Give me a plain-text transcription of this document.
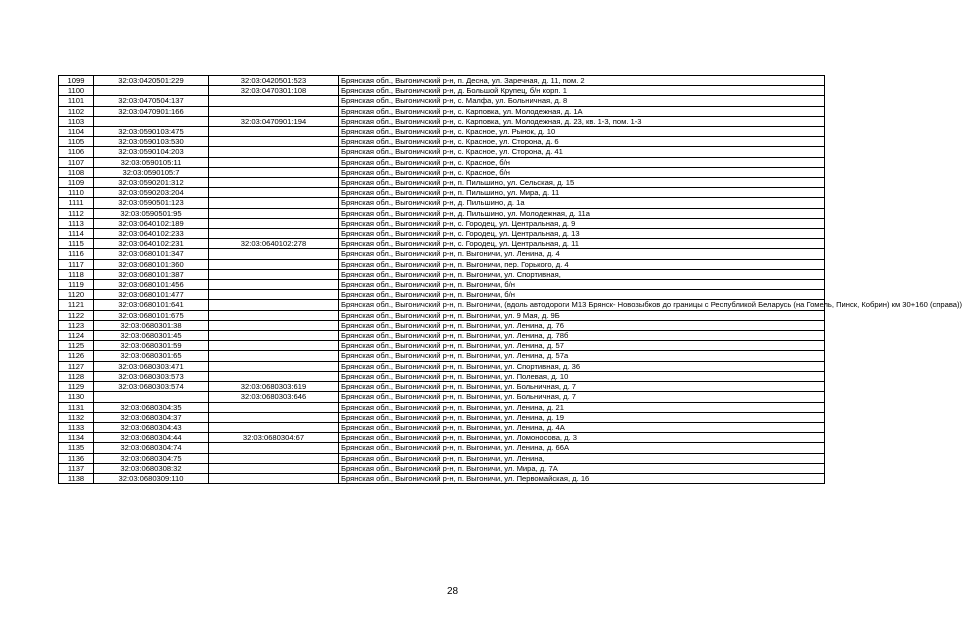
1099	32:03:0420501:229	32:03:0420501:523	Брянская обл., Выгоничский р-н, п. Десна, ул. Заречная, д. 11, пом. 2
1100		32:03:0470301:108	Брянская обл., Выгоничский р-н, д. Большой Крупец, б/н корп. 1
1101	32:03:0470504:137		Брянская обл., Выгоничский р-н, с. Малфа, ул. Больничная, д. 8
1102	32:03:0470901:166		Брянская обл., Выгоничский р-н, с. Карповка, ул. Молодежная, д. 1А
1103		32:03:0470901:194	Брянская обл., Выгоничский р-н, с. Карповка, ул. Молодежная, д. 23, кв. 1-3, пом. 1-3
1104	32:03:0590103:475		Брянская обл., Выгоничский р-н, с. Красное, ул. Рынок, д. 10
1105	32:03:0590103:530		Брянская обл., Выгоничский р-н, с. Красное, ул. Сторона, д. 6
1106	32:03:0590104:203		Брянская обл., Выгоничский р-н, с. Красное, ул. Сторона, д. 41
1107	32:03:0590105:11		Брянская обл., Выгоничский р-н, с. Красное, б/н
1108	32:03:0590105:7		Брянская обл., Выгоничский р-н, с. Красное, б/н
1109	32:03:0590201:312		Брянская обл., Выгоничский р-н, п. Пильшино, ул. Сельская, д. 15
1110	32:03:0590203:204		Брянская обл., Выгоничский р-н, п. Пильшино, ул. Мира, д. 11
1111	32:03:0590501:123		Брянская обл., Выгоничский р-н, д. Пильшино, д. 1а
1112	32:03:0590501:95		Брянская обл., Выгоничский р-н, д. Пильшино, ул. Молодежная, д. 11а
1113	32:03:0640102:189		Брянская обл., Выгоничский р-н, с. Городец, ул. Центральная, д. 9
1114	32:03:0640102:233		Брянская обл., Выгоничский р-н, с. Городец, ул. Центральная, д. 13
1115	32:03:0640102:231	32:03:0640102:278	Брянская обл., Выгоничский р-н, с. Городец, ул. Центральная, д. 11
1116	32:03:0680101:347		Брянская обл., Выгоничский р-н, п. Выгоничи, ул. Ленина, д. 4
1117	32:03:0680101:360		Брянская обл., Выгоничский р-н, п. Выгоничи, пер. Горького, д. 4
1118	32:03:0680101:387		Брянская обл., Выгоничский р-н, п. Выгоничи, ул. Спортивная,
1119	32:03:0680101:456		Брянская обл., Выгоничский р-н, п. Выгоничи, б/н
1120	32:03:0680101:477		Брянская обл., Выгоничский р-н, п. Выгоничи, б/н
1121	32:03:0680101:641		Брянская обл., Выгоничский р-н, п. Выгоничи, (вдоль автодороги М13 Брянск- Новозыбков до границы с Республикой Беларусь (на Гомель, Пинск, Кобрин) км 30+160 (справа))
1122	32:03:0680101:675		Брянская обл., Выгоничский р-н, п. Выгоничи, ул. 9 Мая, д. 9Б
1123	32:03:0680301:38		Брянская обл., Выгоничский р-н, п. Выгоничи, ул. Ленина, д. 76
1124	32:03:0680301:45		Брянская обл., Выгоничский р-н, п. Выгоничи, ул. Ленина, д. 78б
1125	32:03:0680301:59		Брянская обл., Выгоничский р-н, п. Выгоничи, ул. Ленина, д. 57
1126	32:03:0680301:65		Брянская обл., Выгоничский р-н, п. Выгоничи, ул. Ленина, д. 57а
1127	32:03:0680303:471		Брянская обл., Выгоничский р-н, п. Выгоничи, ул. Спортивная, д. 36
1128	32:03:0680303:573		Брянская обл., Выгоничский р-н, п. Выгоничи, ул. Полевая, д. 10
1129	32:03:0680303:574	32:03:0680303:619	Брянская обл., Выгоничский р-н, п. Выгоничи, ул. Больничная, д. 7
1130		32:03:0680303:646	Брянская обл., Выгоничский р-н, п. Выгоничи, ул. Больничная, д. 7
1131	32:03:0680304:35		Брянская обл., Выгоничский р-н, п. Выгоничи, ул. Ленина, д. 21
1132	32:03:0680304:37		Брянская обл., Выгоничский р-н, п. Выгоничи, ул. Ленина, д. 19
1133	32:03:0680304:43		Брянская обл., Выгоничский р-н, п. Выгоничи, ул. Ленина, д. 4А
1134	32:03:0680304:44	32:03:0680304:67	Брянская обл., Выгоничский р-н, п. Выгоничи, ул. Ломоносова, д. 3
1135	32:03:0680304:74		Брянская обл., Выгоничский р-н, п. Выгоничи, ул. Ленина, д. 66А
1136	32:03:0680304:75		Брянская обл., Выгоничский р-н, п. Выгоничи, ул. Ленина,
1137	32:03:0680308:32		Брянская обл., Выгоничский р-н, п. Выгоничи, ул. Мира, д. 7А
1138	32:03:0680309:110		Брянская обл., Выгоничский р-н, п. Выгоничи, ул. Первомайская, д. 16
28
